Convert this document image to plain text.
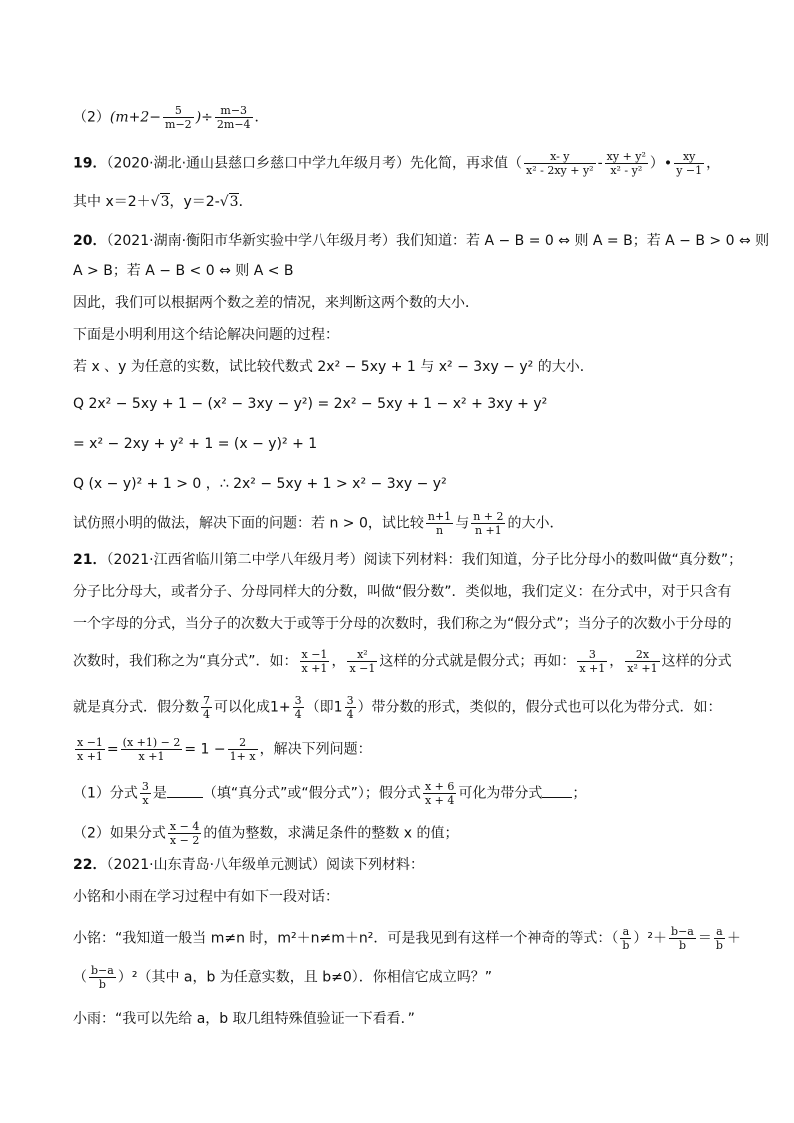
$(2)(m+2- \frac{5}{m-2}$ )÷ $\frac{m-3}{2m-4}$ ．
19．（2020·湖北·通山县慈口乡慈口中学九年级月考）先化简，再求值（ $\frac{x- y}{\text{x² - 2xy + y²}} - \frac{\text{xy + y²}}{\text{x² - y²}}$ ）• $\frac{xy}{y -1}$ ，
其中 x＝2＋√3，y＝2-√3．
20．（2021·湖南·衡阳市华新实验中学八年级月考）我们知道：若 A − B = 0 ⇔ 则 A = B；若 A − B > 0 ⇔ 则
A > B；若 A − B < 0 ⇔ 则 A < B
因此，我们可以根据两个数之差的情况，来判断这两个数的大小．
下面是小明利用这个结论解决问题的过程：
若 x 、y 为任意的实数，试比较代数式 2x² − 5xy + 1 与 x² − 3xy − y² 的大小．
Q 2x² − 5xy + 1 − (x² − 3xy − y²) = 2x² − 5xy + 1 − x² + 3xy + y²
= x² − 2xy + y² + 1 = (x − y)² + 1
Q (x − y)² + 1 > 0 ，∴ 2x² − 5xy + 1 > x² − 3xy − y²
试仿照小明的做法，解决下面的问题：若 n > 0，试比较 $\frac{n+1}{n}$ 与 $\frac{n + 2}{n +1}$ 的大小．
21．（2021·江西省临川第二中学八年级月考）阅读下列材料：我们知道，分子比分母小的数叫做“真分数”；
分子比分母大，或者分子、分母同样大的分数，叫做“假分数”．类似地，我们定义：在分式中，对于只含有
一个字母的分式，当分子的次数大于或等于分母的次数时，我们称之为“假分式”；当分子的次数小于分母的
次数时，我们称之为“真分式”．如： $\frac{x -1}{x +1}$ ， $\frac{\text{x²}}{x -1}$ 这样的分式就是假分式；再如： $\frac{3}{x +1}$ ， $\frac{2x}{\text{x² +1}}$ 这样的分式
就是真分式．假分数 $\frac{7}{4}$ 可以化成$1+ \frac{3}{4}$ （即$1 \frac{3}{4}$ ）带分数的形式，类似的，假分式也可以化为带分式．如：
$\frac{x -1}{x +1} = \frac{(x +1) - 2}{x +1} = 1 - \frac{2}{1+ x}$ ，解决下列问题：
（1）分式 $\frac{3}{x}$ 是	（填“真分式”或“假分式”）；假分式 $\frac{x + 6}{x + 4}$ 可化为带分式 ；
（2）如果分式 $\frac{x - 4}{x - 2}$ 的值为整数，求满足条件的整数 x 的值；
22．（2021·山东青岛·八年级单元测试）阅读下列材料：
小铭和小雨在学习过程中有如下一段对话：
小铭：“我知道一般当 m≠n 时，m²＋n≠m＋n²．可是我见到有这样一个神奇的等式：（ $\frac{a}{b} )^2+ \frac{b-a}{b} = \frac{a}{b}$ ＋
（ $\frac{b-a}{b} )^2$（其中 a，b 为任意实数，且 b≠0）．你相信它成立吗？”
小雨：“我可以先给 a，b 取几组特殊值验证一下看看．”
